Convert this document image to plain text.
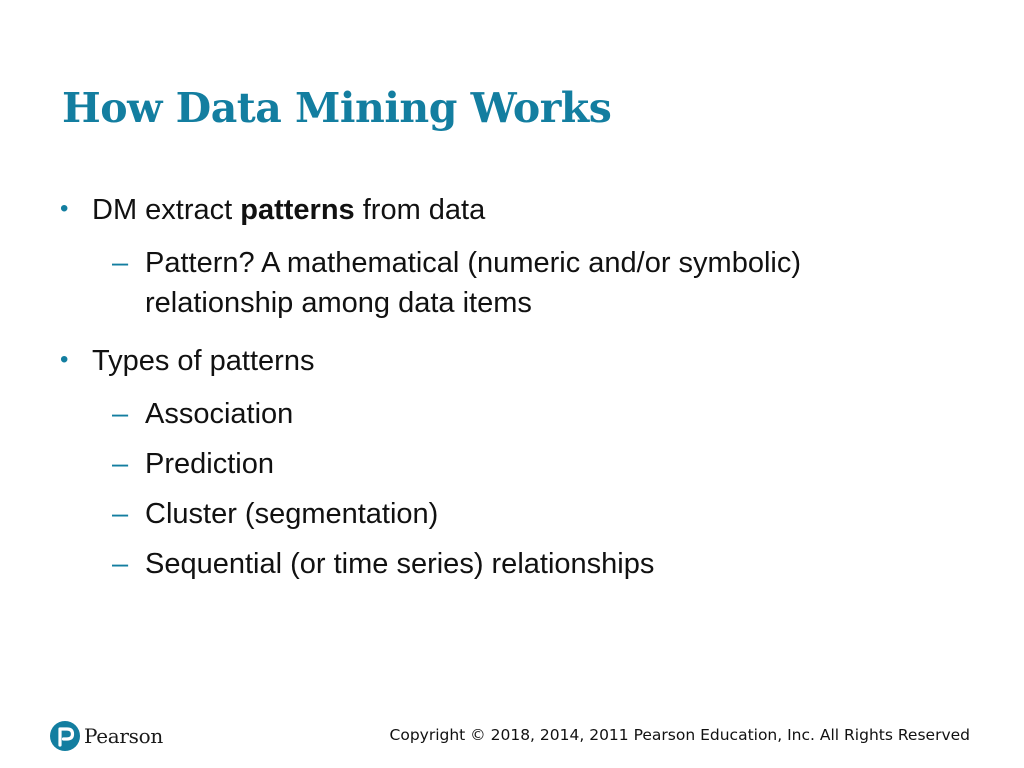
How Data Mining Works
• DM extract patterns from data
– Pattern? A mathematical (numeric and/or symbolic)
relationship among data items
• Types of patterns
– Association
– Prediction
– Cluster (segmentation)
– Sequential (or time series) relationships
Pearson	Copyright © 2018, 2014, 2011 Pearson Education, Inc. All Rights Reserved
